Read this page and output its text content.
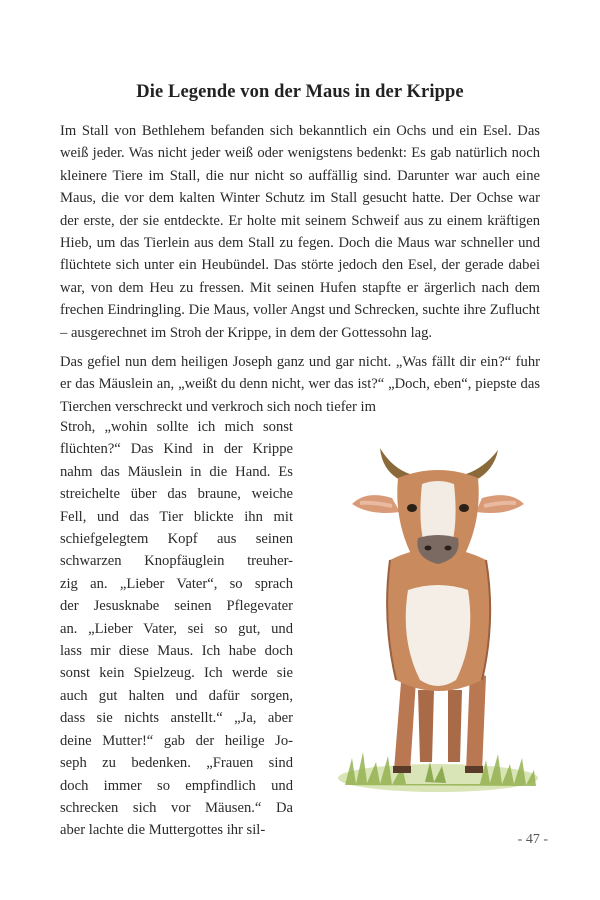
Die Legende von der Maus in der Krippe

Im Stall von Bethlehem befanden sich bekanntlich ein Ochs und ein Esel. Das weiß jeder. Was nicht jeder weiß oder wenigstens bedenkt: Es gab natürlich noch kleinere Tiere im Stall, die nur nicht so auffällig sind. Darunter war auch eine Maus, die vor dem kalten Winter Schutz im Stall gesucht hatte. Der Ochse war der erste, der sie entdeckte. Er holte mit seinem Schweif aus zu einem kräftigen Hieb, um das Tierlein aus dem Stall zu fegen. Doch die Maus war schneller und flüchtete sich unter ein Heubündel. Das störte jedoch den Esel, der gerade dabei war, von dem Heu zu fressen. Mit seinen Hufen stapfte er ärgerlich nach dem frechen Eindringling. Die Maus, voller Angst und Schrecken, suchte ihre Zuflucht – ausgerechnet im Stroh der Krippe, in dem der Gottessohn lag.

Das gefiel nun dem heiligen Joseph ganz und gar nicht. „Was fällt dir ein?“ fuhr er das Mäuslein an, „weißt du denn nicht, wer das ist?“ „Doch, eben“, piepste das Tierchen verschreckt und verkroch sich noch tiefer im

Stroh, „wohin sollte ich mich sonst
flüchten?“ Das Kind in der Krippe
nahm das Mäuslein in die Hand. Es
streichelte über das braune, weiche
Fell, und das Tier blickte ihn mit
schiefgelegtem Kopf aus seinen
schwarzen Knopfäuglein treuher-
zig an. „Lieber Vater“, so sprach
der Jesusknabe seinen Pflegevater
an. „Lieber Vater, sei so gut, und
lass mir diese Maus. Ich habe doch
sonst kein Spielzeug. Ich werde sie
auch gut halten und dafür sorgen,
dass sie nichts anstellt.“ „Ja, aber
deine Mutter!“ gab der heilige Jo-
seph zu bedenken. „Frauen sind
doch immer so empfindlich und
schrecken sich vor Mäusen.“ Da
aber lachte die Muttergottes ihr sil-
- 47 -
